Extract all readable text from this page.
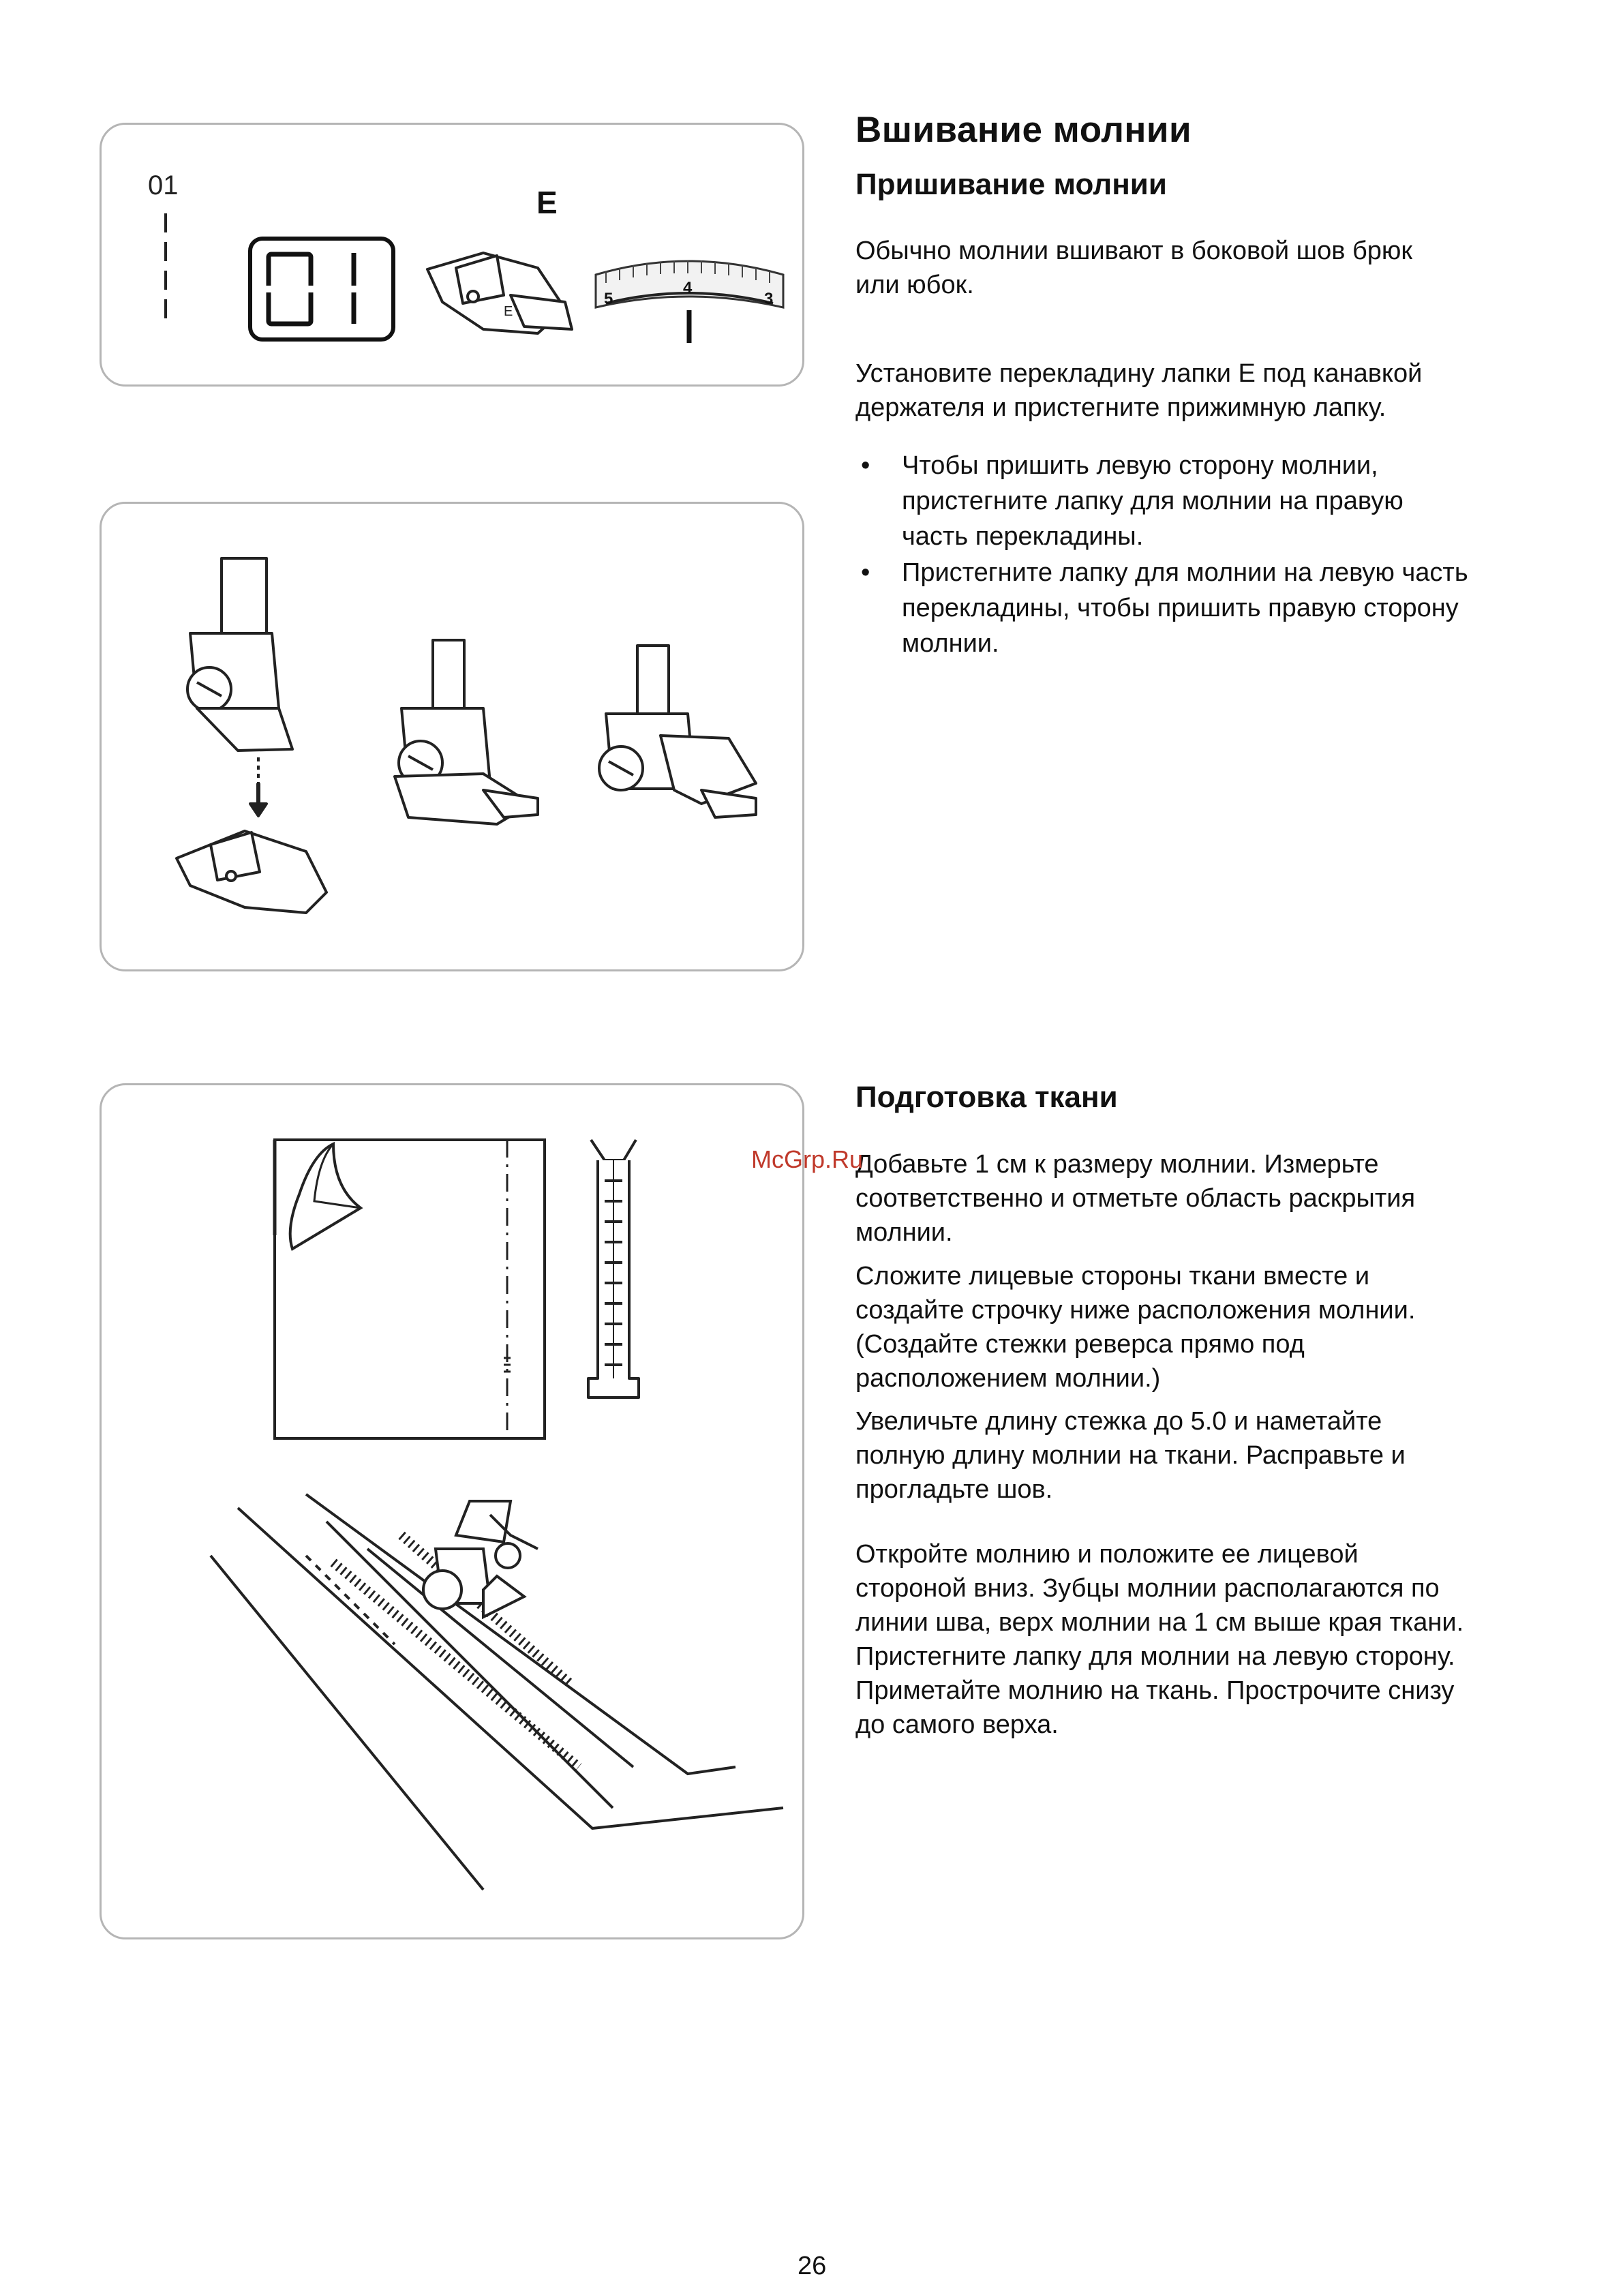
01
01
E
E
5
4
3
Вшивание молнии
Пришивание молнии
Обычно молнии вшивают в боковой шов брюк
или юбок.
Установите перекладину лапки Е под канавкой
держателя и пристегните прижимную лапку.
• Чтобы пришить левую сторону молнии,
пристегните лапку для молнии на правую
часть перекладины.
• Пристегните лапку для молнии на левую часть
перекладины, чтобы пришить правую сторону
молнии.
Подготовка ткани
Добавьте 1 см к размеру молнии. Измерьте
соответственно и отметьте область раскрытия
молнии.
Сложите лицевые стороны ткани вместе и
создайте строчку ниже расположения молнии.
(Создайте стежки реверса прямо под
расположением молнии.)
Увеличьте длину стежка до 5.0 и наметайте
полную длину молнии на ткани. Расправьте и
прогладьте шов.
Откройте молнию и положите ее лицевой
стороной вниз. Зубцы молнии располагаются по
линии шва, верх молнии на 1 см выше края ткани.
Пристегните лапку для молнии на левую сторону.
Приметайте молнию на ткань. Прострочите снизу
до самого верха.
McGrp.Ru
26
